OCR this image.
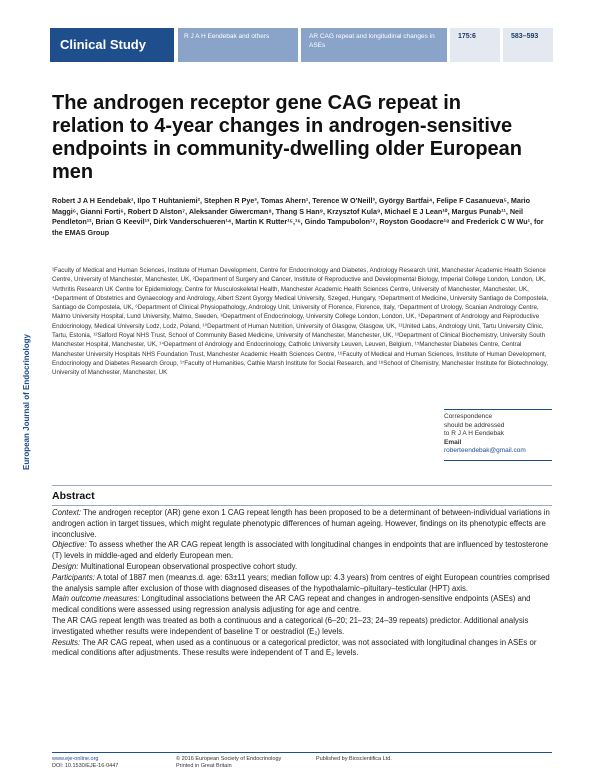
Clinical Study
R J A H Eendebak and others	AR CAG repeat and longitudinal changes in ASEs
175:6	583–593
European Journal of Endocrinology
The androgen receptor gene CAG repeat in relation to 4-year changes in androgen-sensitive endpoints in community-dwelling older European men
Robert J A H Eendebak¹, Ilpo T Huhtaniemi², Stephen R Pye³, Tomas Ahern¹, Terence W O'Neill³, György Bartfai⁴, Felipe F Casanueva⁵, Mario Maggi⁶, Gianni Forti⁶, Robert D Alston⁷, Aleksander Giwercman⁸, Thang S Han⁹, Krzysztof Kula⁹, Michael E J Lean¹⁰, Margus Punab¹¹, Neil Pendleton¹², Brian G Keevil¹³, Dirk Vanderschueren¹⁴, Martin K Rutter¹⁵,¹⁶, Gindo Tampubolon¹⁷, Royston Goodacre¹⁸ and Frederick C W Wu¹, for the EMAS Group
¹Faculty of Medical and Human Sciences, Institute of Human Development, Centre for Endocrinology and Diabetes, Andrology Research Unit, Manchester Academic Health Science Centre, University of Manchester, Manchester, UK, ²Department of Surgery and Cancer, Institute of Reproductive and Developmental Biology, Imperial College London, London, UK, ³Arthritis Research UK Centre for Epidemiology, Centre for Musculoskeletal Health, Manchester Academic Health Sciences Centre, University of Manchester, Manchester, UK, ⁴Department of Obstetrics and Gynaecology and Andrology, Albert Szent Gyorgy Medical University, Szeged, Hungary, ⁵Department of Medicine, University Santiago de Compostela, Santiago de Compostela, UK, ⁶Department of Clinical Physiopathology, Andrology Unit, University of Florence, Florence, Italy, ⁷Department of Urology, Scanian Andrology Centre, Malmo University Hospital, Lund University, Malmo, Sweden, ⁸Department of Endocrinology, University College London, London, UK, ⁹Department of Andrology and Reproductive Endocrinology, Medical University Lodz, Lodz, Poland, ¹⁰Department of Human Nutrition, University of Glasgow, Glasgow, UK, ¹¹United Labs, Andrology Unit, Tartu University Clinic, Tartu, Estonia, ¹²Salford Royal NHS Trust, School of Community Based Medicine, University of Manchester, Manchester, UK, ¹³Department of Clinical Biochemistry, University South Manchester Hospital, Manchester, UK, ¹⁴Department of Andrology and Endocrinology, Catholic University Leuven, Leuven, Belgium, ¹⁵Manchester Diabetes Centre, Central Manchester University Hospitals NHS Foundation Trust, Manchester Academic Health Sciences Centre, ¹⁶Faculty of Medical and Human Sciences, Institute of Human Development, Endocrinology and Diabetes Research Group, ¹⁷Faculty of Humanities, Cathie Marsh Institute for Social Research, and ¹⁸School of Chemistry, Manchester Institute for Biotechnology, University of Manchester, Manchester, UK
Correspondence
should be addressed
to R J A H Eendebak
Email
roberteendebak@gmail.com
Abstract

Context: The androgen receptor (AR) gene exon 1 CAG repeat length has been proposed to be a determinant of between-individual variations in androgen action in target tissues, which might regulate phenotypic differences of human ageing. However, findings on its phenotypic effects are inconclusive.

Objective: To assess whether the AR CAG repeat length is associated with longitudinal changes in endpoints that are influenced by testosterone (T) levels in middle-aged and elderly European men.

Design: Multinational European observational prospective cohort study.

Participants: A total of 1887 men (mean±s.d. age: 63±11 years; median follow up: 4.3 years) from centres of eight European countries comprised the analysis sample after exclusion of those with diagnosed diseases of the hypothalamic–pituitary–testicular (HPT) axis.

Main outcome measures: Longitudinal associations between the AR CAG repeat and changes in androgen-sensitive endpoints (ASEs) and medical conditions were assessed using regression analysis adjusting for age and centre.

The AR CAG repeat length was treated as both a continuous and a categorical (6–20; 21–23; 24–39 repeats) predictor. Additional analysis investigated whether results were independent of baseline T or oestradiol (E₂) levels.

Results: The AR CAG repeat, when used as a continuous or a categorical predictor, was not associated with longitudinal changes in ASEs or medical conditions after adjustments. These results were independent of T and E₂ levels.

www.eje-online.org
DOI: 10.1530/EJE-16-0447
© 2016 European Society of Endocrinology
Printed in Great Britain
Published by Bioscientifica Ltd.
